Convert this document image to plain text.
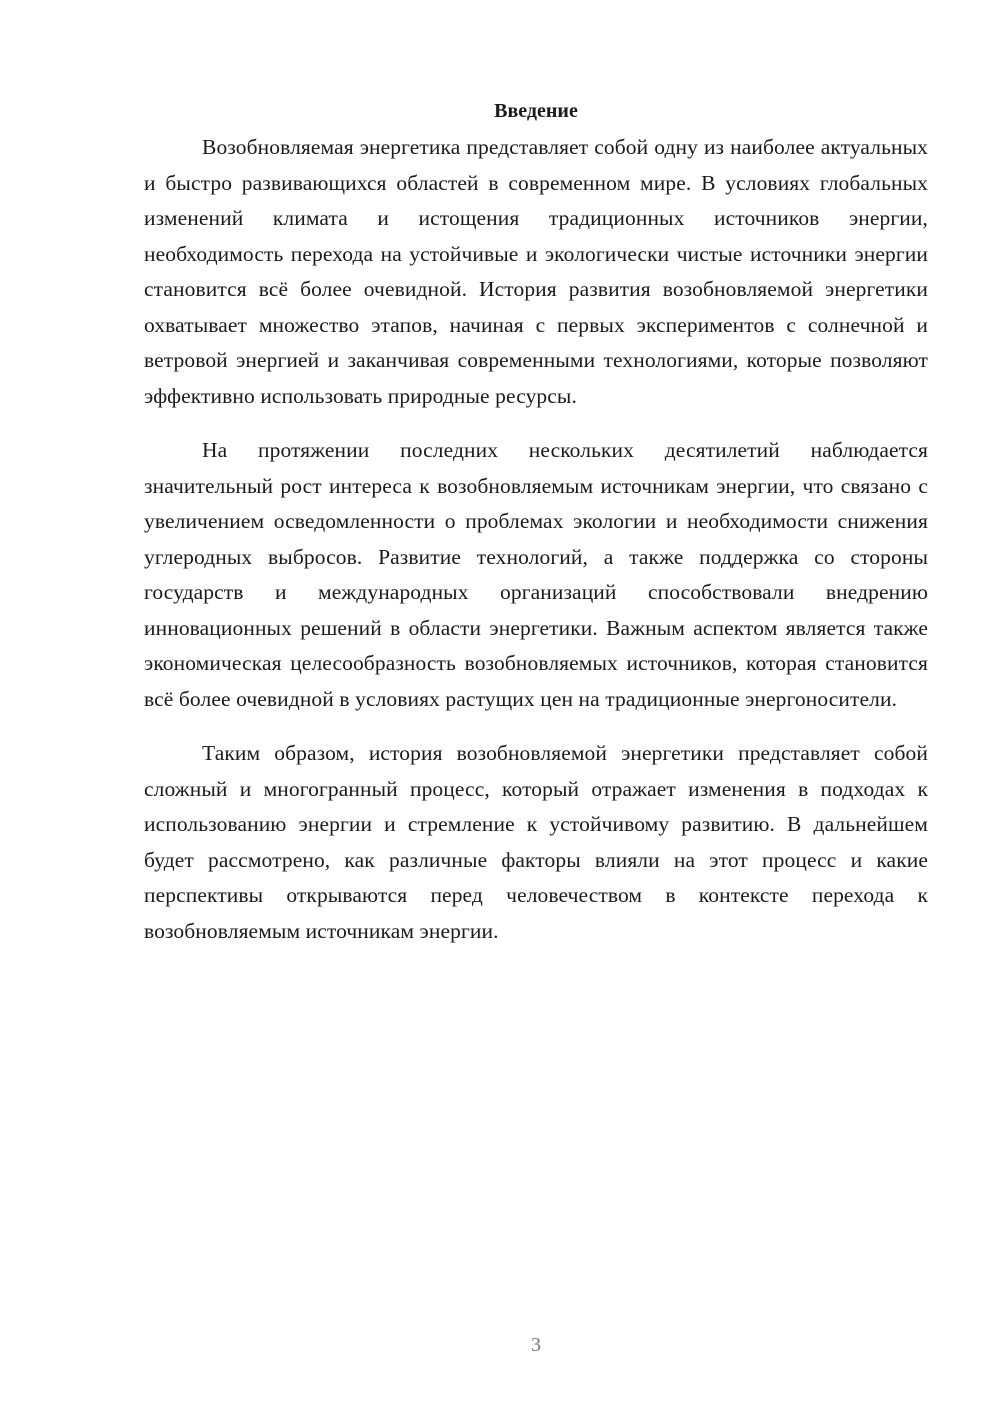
Введение

Возобновляемая энергетика представляет собой одну из наиболее актуальных и быстро развивающихся областей в современном мире. В условиях глобальных изменений климата и истощения традиционных источников энергии, необходимость перехода на устойчивые и экологически чистые источники энергии становится всё более очевидной. История развития возобновляемой энергетики охватывает множество этапов, начиная с первых экспериментов с солнечной и ветровой энергией и заканчивая современными технологиями, которые позволяют эффективно использовать природные ресурсы.

На протяжении последних нескольких десятилетий наблюдается значительный рост интереса к возобновляемым источникам энергии, что связано с увеличением осведомленности о проблемах экологии и необходимости снижения углеродных выбросов. Развитие технологий, а также поддержка со стороны государств и международных организаций способствовали внедрению инновационных решений в области энергетики. Важным аспектом является также экономическая целесообразность возобновляемых источников, которая становится всё более очевидной в условиях растущих цен на традиционные энергоносители.

Таким образом, история возобновляемой энергетики представляет собой сложный и многогранный процесс, который отражает изменения в подходах к использованию энергии и стремление к устойчивому развитию. В дальнейшем будет рассмотрено, как различные факторы влияли на этот процесс и какие перспективы открываются перед человечеством в контексте перехода к возобновляемым источникам энергии.

3
